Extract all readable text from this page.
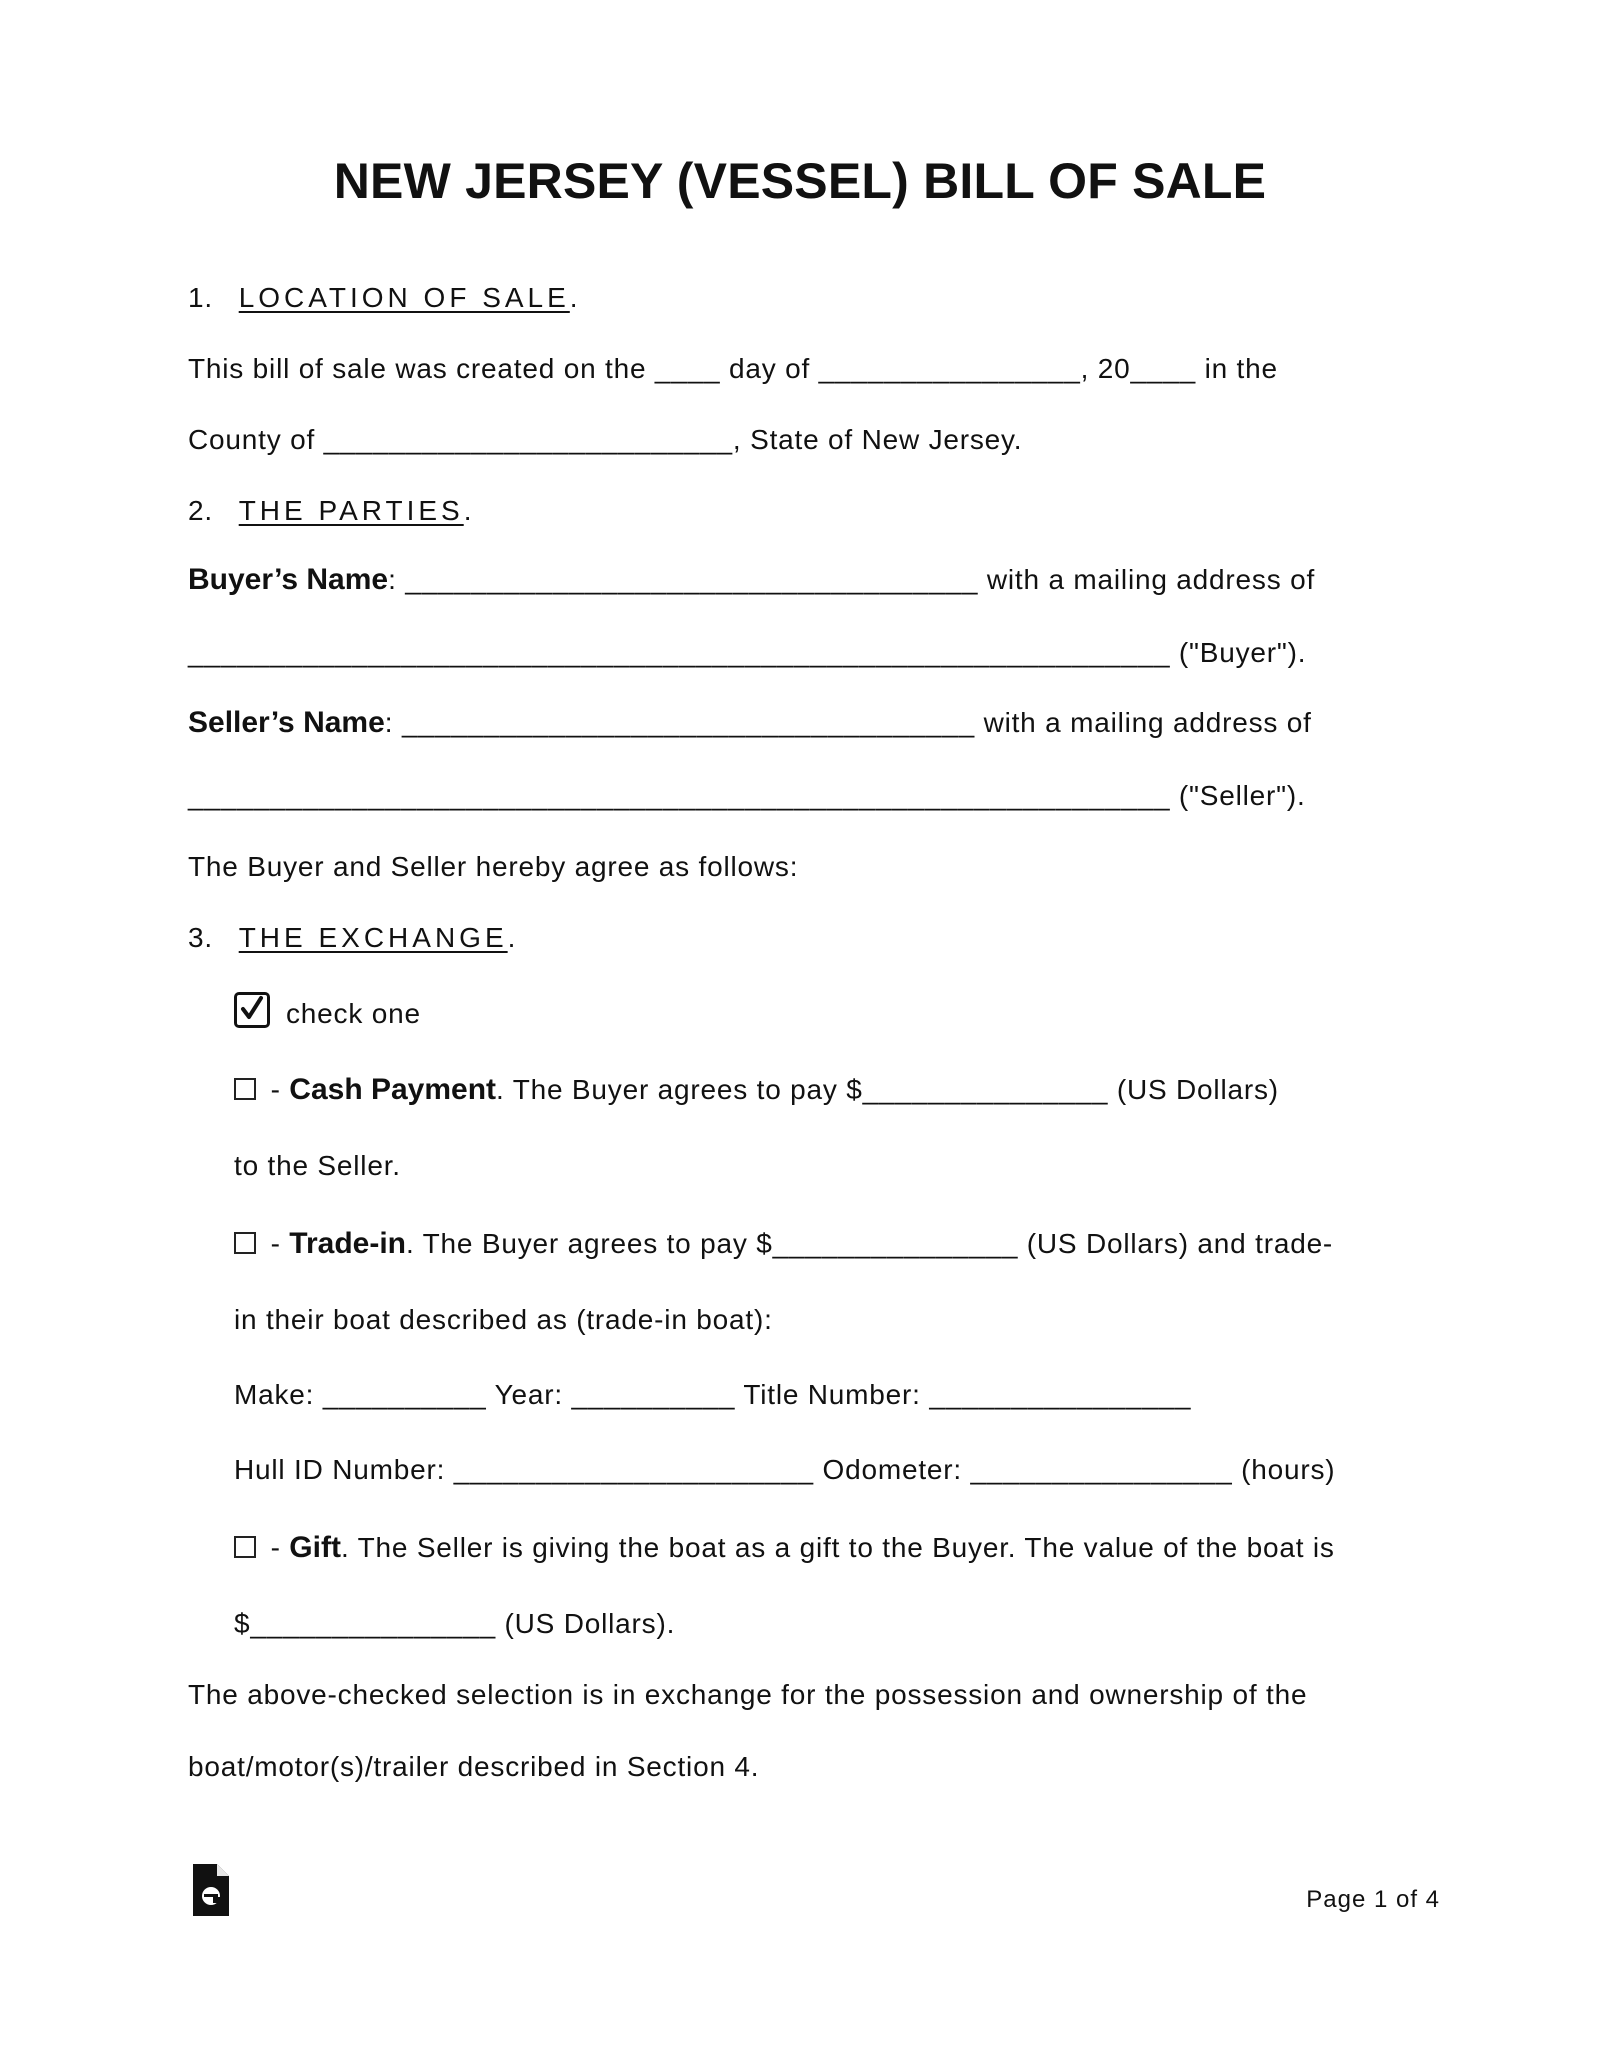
NEW JERSEY (VESSEL) BILL OF SALE
1. LOCATION OF SALE.
This bill of sale was created on the ____ day of ________________, 20____ in the
County of _________________________, State of New Jersey.
2. THE PARTIES.
Buyer’s Name: ___________________________________ with a mailing address of
____________________________________________________________ ("Buyer").
Seller’s Name: ___________________________________ with a mailing address of
____________________________________________________________ ("Seller").
The Buyer and Seller hereby agree as follows:
3. THE EXCHANGE.
check one
- Cash Payment. The Buyer agrees to pay $_______________ (US Dollars)
to the Seller.
- Trade-in. The Buyer agrees to pay $_______________ (US Dollars) and trade-
in their boat described as (trade-in boat):
Make: __________ Year: __________ Title Number: ________________
Hull ID Number: ______________________ Odometer: ________________ (hours)
- Gift. The Seller is giving the boat as a gift to the Buyer. The value of the boat is
$_______________ (US Dollars).
The above-checked selection is in exchange for the possession and ownership of the
boat/motor(s)/trailer described in Section 4.
Page 1 of 4
